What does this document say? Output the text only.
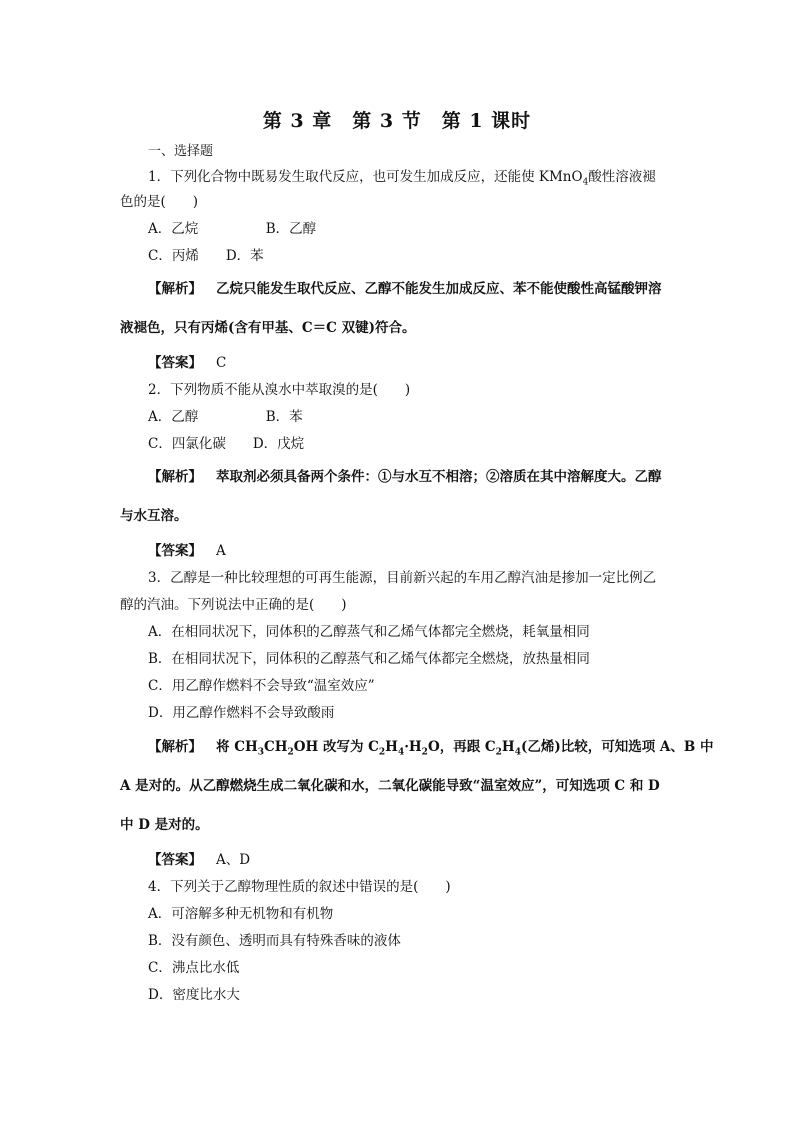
第 3 章　第 3 节　第 1 课时
一、选择题
1．下列化合物中既易发生取代反应，也可发生加成反应，还能使 KMnO$_4$酸性溶液褪
色的是(　　)
A．乙烷　　　　　B．乙醇
C．丙烯　　D．苯
【解析】 乙烷只能发生取代反应、乙醇不能发生加成反应、苯不能使酸性高锰酸钾溶
液褪色，只有丙烯(含有甲基、C＝C 双键)符合。
【答案】 C
2．下列物质不能从溴水中萃取溴的是(　　)
A．乙醇　　　　　B．苯
C．四氯化碳　　D．戊烷
【解析】 萃取剂必须具备两个条件：①与水互不相溶；②溶质在其中溶解度大。乙醇
与水互溶。
【答案】 A
3．乙醇是一种比较理想的可再生能源，目前新兴起的车用乙醇汽油是掺加一定比例乙
醇的汽油。下列说法中正确的是(　　)
A．在相同状况下，同体积的乙醇蒸气和乙烯气体都完全燃烧，耗氧量相同
B．在相同状况下，同体积的乙醇蒸气和乙烯气体都完全燃烧，放热量相同
C．用乙醇作燃料不会导致“温室效应”
D．用乙醇作燃料不会导致酸雨
【解析】 将 $CH_3CH_2OH$ 改写为 $C_2H_4\cdot H_2O$，再跟 $C_2H_4$(乙烯)比较，可知选项 A、B 中
A 是对的。从乙醇燃烧生成二氧化碳和水，二氧化碳能导致“温室效应”，可知选项 C 和 D
中 D 是对的。
【答案】 A、D
4．下列关于乙醇物理性质的叙述中错误的是(　　)
A．可溶解多种无机物和有机物
B．没有颜色、透明而具有特殊香味的液体
C．沸点比水低
D．密度比水大
